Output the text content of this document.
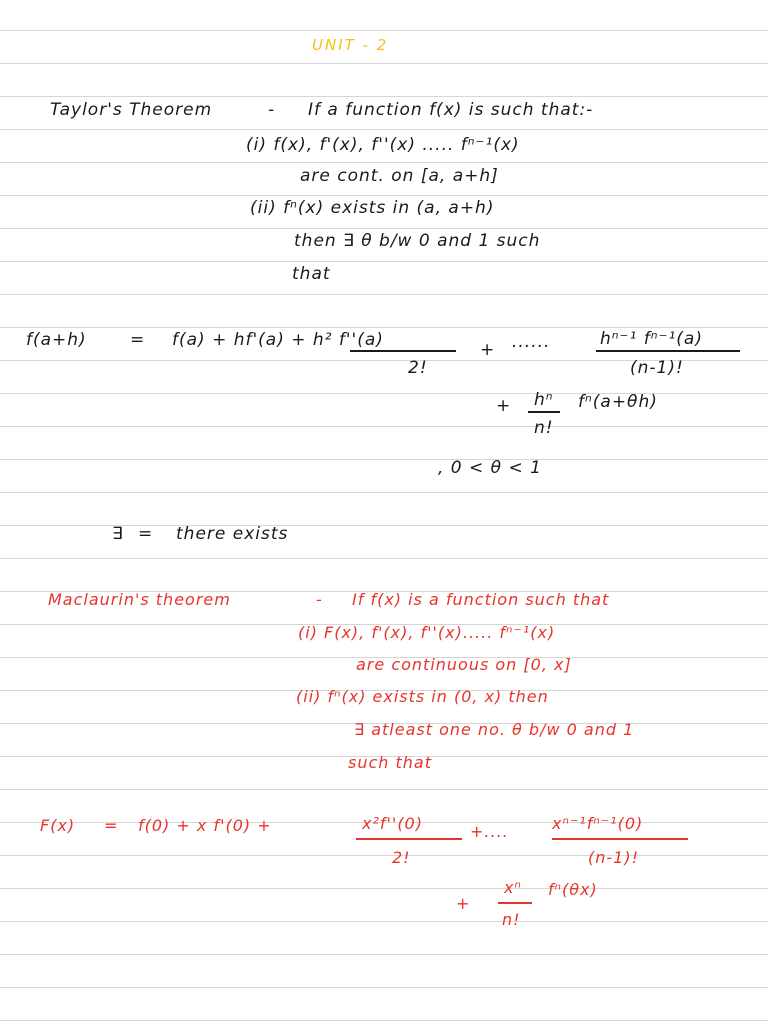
UNIT - 2
Taylor's Theorem	- If a function f(x) is such that:-
(i) f(x), f'(x), f''(x) ..... fⁿ⁻¹(x)
are cont. on [a, a+h]
(ii) fⁿ(x) exists in (a, a+h)
then ∃ θ b/w 0 and 1 such
that
f(a+h)	= f(a) + hf'(a) + h² f''(a)
2!
+ ......	hⁿ⁻¹ fⁿ⁻¹(a)
(n-1)!
+ hⁿ
n!
fⁿ(a+θh)
, 0 < θ < 1
∃ = there exists
Maclaurin's theorem	- If f(x) is a function such that
(i) F(x), f'(x), f''(x)..... fⁿ⁻¹(x)
are continuous on [0, x]
(ii) fⁿ(x) exists in (0, x) then
∃ atleast one no. θ b/w 0 and 1
such that
F(x) = f(0) + x f'(0) +	x²f''(0)
2!
+....	xⁿ⁻¹fⁿ⁻¹(0)
(n-1)!
+
xⁿ
n!
fⁿ(θx)
